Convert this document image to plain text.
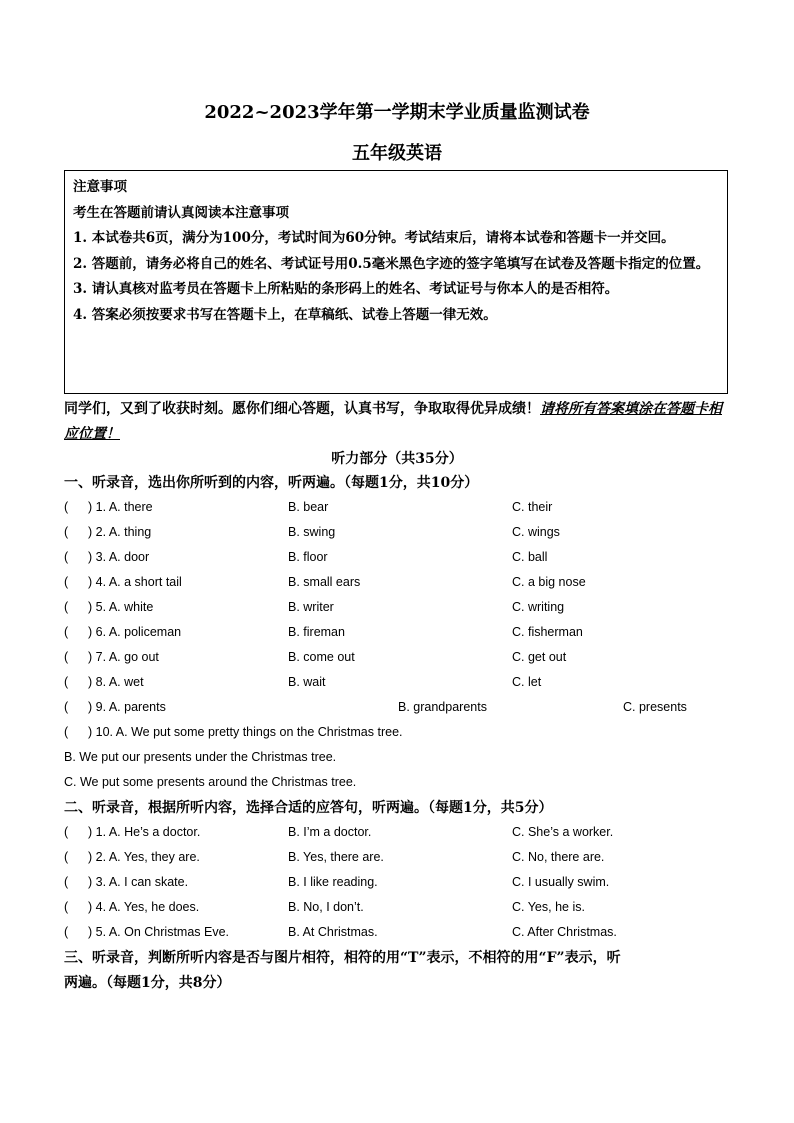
2022~2023学年第一学期末学业质量监测试卷
五年级英语
注意事项
考生在答题前请认真阅读本注意事项
1. 本试卷共6页，满分为100分，考试时间为60分钟。考试结束后，请将本试卷和答题卡一并交回。
2. 答题前，请务必将自己的姓名、考试证号用0.5毫米黑色字迹的签字笔填写在试卷及答题卡指定的位置。
3. 请认真核对监考员在答题卡上所粘贴的条形码上的姓名、考试证号与你本人的是否相符。
4. 答案必须按要求书写在答题卡上，在草稿纸、试卷上答题一律无效。
同学们，又到了收获时刻。愿你们细心答题，认真书写，争取取得优异成绩！请将所有答案填涂在答题卡相应位置！
听力部分（共35分）
一、听录音，选出你所听到的内容，听两遍。（每题1分，共10分）
( ) 1. A. there	B. bear	C. their
( ) 2. A. thing	B. swing	C. wings
( ) 3. A. door	B. floor	C. ball
( ) 4. A. a short tail	B. small ears	C. a big nose
( ) 5. A. white	B. writer	C. writing
( ) 6. A. policeman	B. fireman	C. fisherman
( ) 7. A. go out	B. come out	C. get out
( ) 8. A. wet	B. wait	C. let
( ) 9. A. parents	B. grandparents	C. presents
( ) 10. A. We put some pretty things on the Christmas tree.
B. We put our presents under the Christmas tree.
C. We put some presents around the Christmas tree.
二、听录音，根据所听内容，选择合适的应答句，听两遍。（每题1分，共5分）
( ) 1. A. He’s a doctor.	B. I’m a doctor.	C. She’s a worker.
( ) 2. A. Yes, they are.	B. Yes, there are.	C. No, there are.
( ) 3. A. I can skate.	B. I like reading.	C. I usually swim.
( ) 4. A. Yes, he does.	B. No, I don’t.	C. Yes, he is.
( ) 5. A. On Christmas Eve.	B. At Christmas.	C. After Christmas.
三、听录音，判断所听内容是否与图片相符，相符的用“T”表示，不相符的用“F”表示，听
两遍。（每题1分，共8分）
